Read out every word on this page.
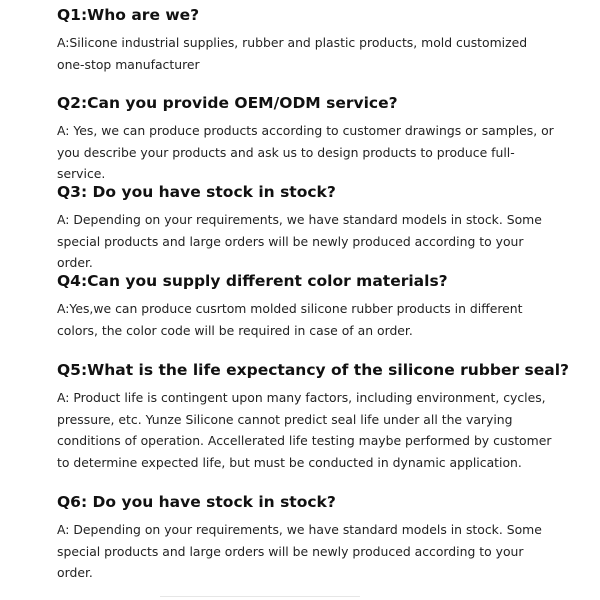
Q1:Who are we?

A:Silicone industrial supplies, rubber and plastic products, mold customized one-stop manufacturer

Q2:Can you provide OEM/ODM service?

A: Yes, we can produce products according to customer drawings or samples, or you describe your products and ask us to design products to produce full-service.

Q3: Do you have stock in stock?

A: Depending on your requirements, we have standard models in stock. Some special products and large orders will be newly produced according to your order.

Q4:Can you supply different color materials?

A:Yes,we can produce cusrtom molded silicone rubber products in different colors, the color code will be required in case of an order.

Q5:What is the life expectancy of the silicone rubber seal?

A: Product life is contingent upon many factors, including environment, cycles, pressure, etc. Yunze Silicone cannot predict seal life under all the varying conditions of operation. Accellerated life testing maybe performed by customer to determine expected life, but must be conducted in dynamic application.

Q6: Do you have stock in stock?

A: Depending on your requirements, we have standard models in stock. Some special products and large orders will be newly produced according to your order.
